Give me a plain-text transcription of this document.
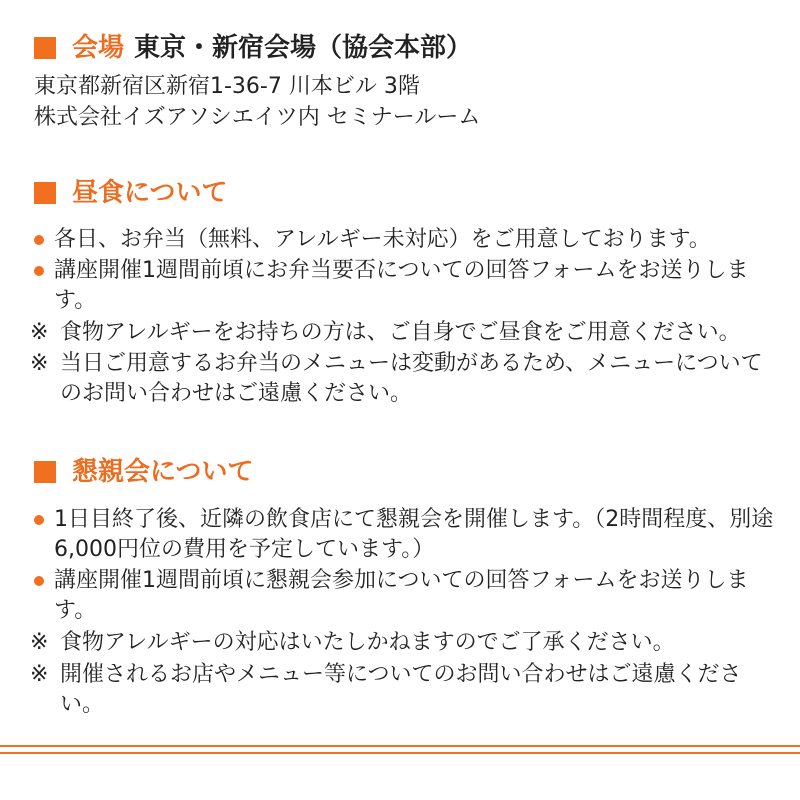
会場 東京・新宿会場（協会本部）
東京都新宿区新宿1-36-7 川本ビル 3階
株式会社イズアソシエイツ内 セミナールーム
昼食について
各日、お弁当（無料、アレルギー未対応）をご用意しております。
講座開催1週間前頃にお弁当要否についての回答フォームをお送りします。
※ 食物アレルギーをお持ちの方は、ご自身でご昼食をご用意ください。
※ 当日ご用意するお弁当のメニューは変動があるため、メニューについてのお問い合わせはご遠慮ください。
懇親会について
1日目終了後、近隣の飲食店にて懇親会を開催します。（2時間程度、別途6,000円位の費用を予定しています。）
講座開催1週間前頃に懇親会参加についての回答フォームをお送りします。
※ 食物アレルギーの対応はいたしかねますのでご了承ください。
※ 開催されるお店やメニュー等についてのお問い合わせはご遠慮ください。
